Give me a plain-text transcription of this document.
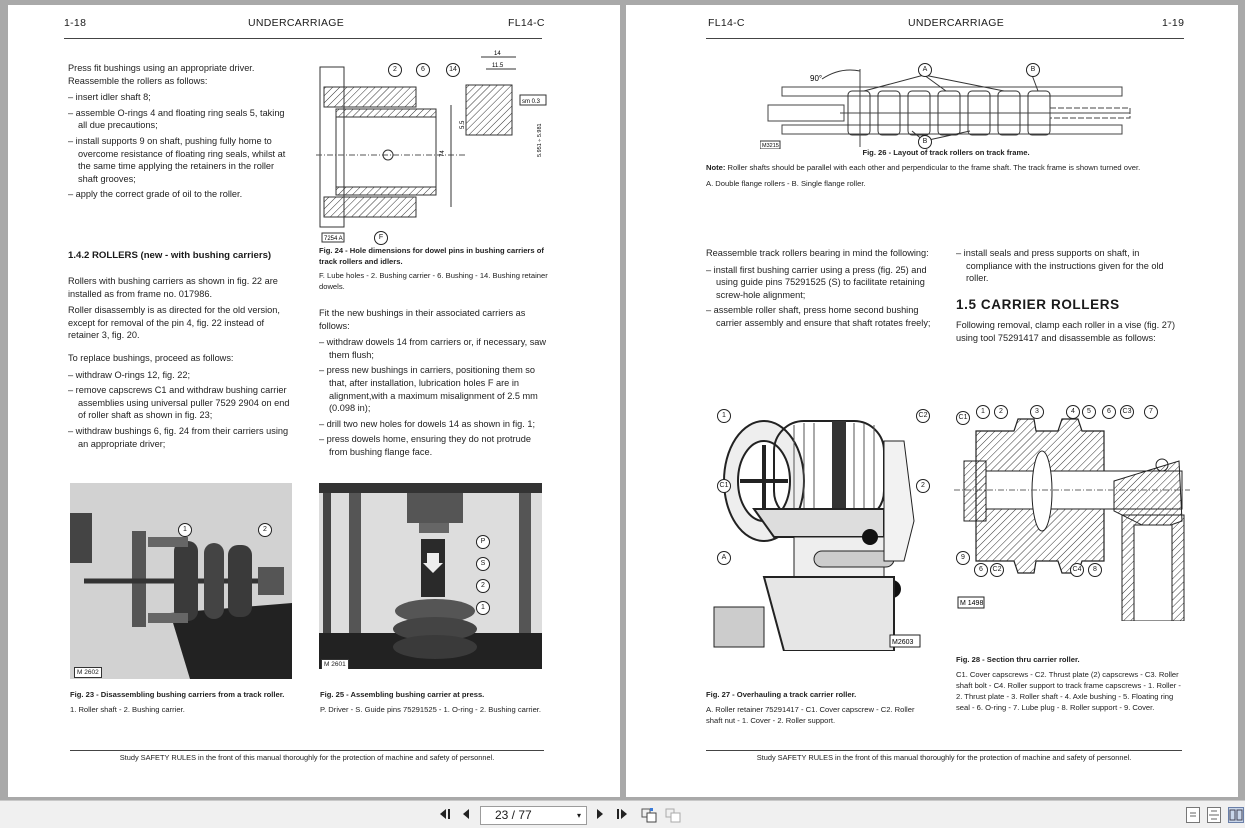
1-18	UNDERCARRIAGE	FL14-C

Press fit bushings using an appropriate driver. Reassemble the rollers as follows:

– insert idler shaft 8;
– assemble O-rings 4 and floating ring seals 5, taking all due precautions;
– install supports 9 on shaft, pushing fully home to overcome resistance of floating ring seals, whilst at the same time applying the retainers in the roller shaft grooves;
– apply the correct grade of oil to the roller.
1.4.2 ROLLERS (new - with bushing carriers)

Rollers with bushing carriers as shown in fig. 22 are installed as from frame no. 017986.

Roller disassembly is as directed for the old version, except for removal of the pin 4, fig. 22 instead of retainer 3, fig. 20.

To replace bushings, proceed as follows:

– withdraw O-rings 12, fig. 22;
– remove capscrews C1 and withdraw bushing carrier assemblies using universal puller 7529 2904 on end of roller shaft as shown in fig. 23;
– withdraw bushings 6, fig. 24 from their carriers using an appropriate driver;
74
14
11.5
sm 0.3
5.951 ÷ 5.981
5.5
7254 A
2	6	14
F
Fig. 24 - Hole dimensions for dowel pins in bushing carriers of track rollers and idlers.
F. Lube holes - 2. Bushing carrier - 6. Bushing - 14. Bushing retainer dowels.

Fit the new bushings in their associated carriers as follows:

– withdraw dowels 14 from carriers or, if necessary, saw them flush;
– press new bushings in carriers, positioning them so that, after installation, lubrication holes F are in alignment,with a maximum misalignment of 2.5 mm (0.098 in);
– drill two new holes for dowels 14 as shown in fig. 1;
– press dowels home, ensuring they do not protrude from bushing flange face.
1	2
M 2602
P
S
2
1
M 2601
Fig. 23 - Disassembling bushing carriers from a track roller.
1. Roller shaft - 2. Bushing carrier.
Fig. 25 - Assembling bushing carrier at press.
P. Driver - S. Guide pins 75291525 - 1. O-ring - 2. Bushing carrier.
Study SAFETY RULES in the front of this manual thoroughly for the protection of machine and safety of personnel.
FL14-C	UNDERCARRIAGE	1-19
90°
M3215
A	B
B
Fig. 26 - Layout of track rollers on track frame.
Note: Roller shafts should be parallel with each other and perpendicular to the frame shaft. The track frame is shown turned over.
A. Double flange rollers - B. Single flange roller.

Reassemble track rollers bearing in mind the following:

– install first bushing carrier using a press (fig. 25) and using guide pins 75291525 (S) to facilitate retaining screw-hole alignment;
– assemble roller shaft, press home second bushing carrier assembly and ensure that shaft rotates freely;
– install seals and press supports on shaft, in compliance with the instructions given for the old roller.
1.5 CARRIER ROLLERS

Following removal, clamp each roller in a vise (fig. 27) using tool 75291417 and disassemble as follows:

M2603
1	C2
C1	2
A
M 1498
C1
1	2	3	4	5	6	C3	7
9
6	C2	C4	8
Fig. 27 - Overhauling a track carrier roller.
A. Roller retainer 75291417 - C1. Cover capscrew - C2. Roller shaft nut - 1. Cover - 2. Roller support.
Fig. 28 - Section thru carrier roller.
C1. Cover capscrews - C2. Thrust plate (2) capscrews - C3. Roller shaft bolt - C4. Roller support to track frame capscrews - 1. Roller - 2. Thrust plate - 3. Roller shaft - 4. Axle bushing - 5. Floating ring seal - 6. O-ring - 7. Lube plug - 8. Roller support - 9. Cover.
Study SAFETY RULES in the front of this manual thoroughly for the protection of machine and safety of personnel.
23 / 77	▾
